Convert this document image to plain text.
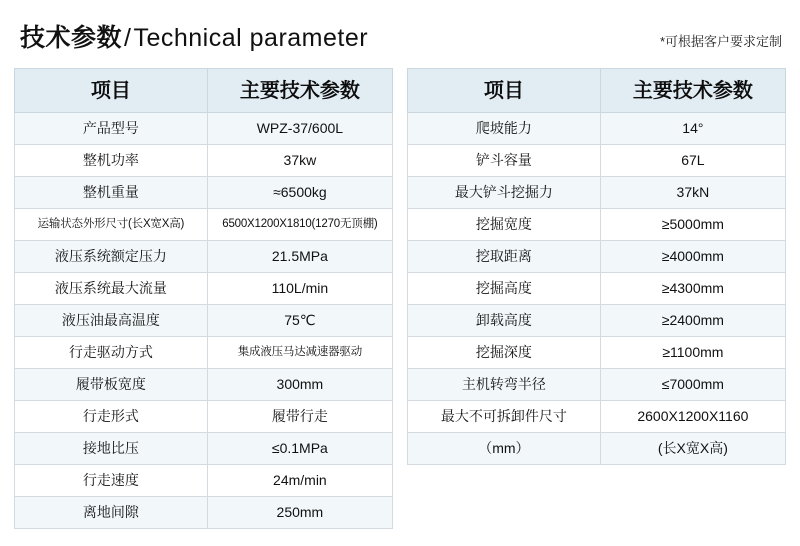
技术参数/Technical parameter	*可根据客户要求定制
项目	主要技术参数
产品型号	WPZ-37/600L
整机功率	37kw
整机重量	≈6500kg
运输状态外形尺寸(长X宽X高)	6500X1200X1810(1270无顶棚)
液压系统额定压力	21.5MPa
液压系统最大流量	110L/min
液压油最高温度	75℃
行走驱动方式	集成液压马达减速器驱动
履带板宽度	300mm
行走形式	履带行走
接地比压	≤0.1MPa
行走速度	24m/min
离地间隙	250mm
项目	主要技术参数
爬坡能力	14°
铲斗容量	67L
最大铲斗挖掘力	37kN
挖掘宽度	≥5000mm
挖取距离	≥4000mm
挖掘高度	≥4300mm
卸载高度	≥2400mm
挖掘深度	≥1100mm
主机转弯半径	≤7000mm
最大不可拆卸件尺寸	2600X1200X1160
（mm）	(长X宽X高)
